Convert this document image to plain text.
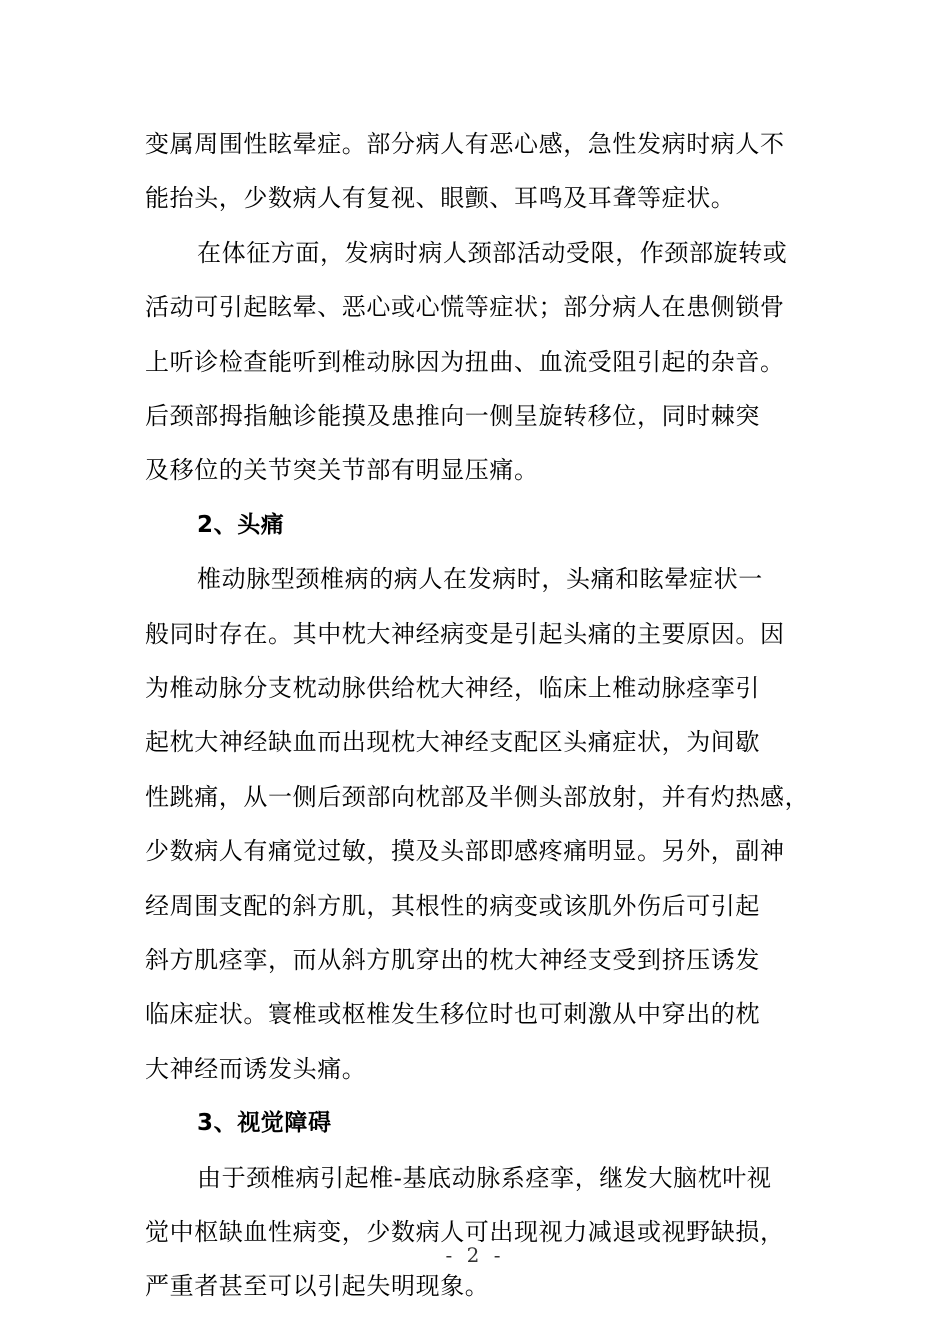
变属周围性眩晕症。部分病人有恶心感，急性发病时病人不
能抬头，少数病人有复视、眼颤、耳鸣及耳聋等症状。
在体征方面，发病时病人颈部活动受限，作颈部旋转或
活动可引起眩晕、恶心或心慌等症状；部分病人在患侧锁骨
上听诊检查能听到椎动脉因为扭曲、血流受阻引起的杂音。
后颈部拇指触诊能摸及患推向一侧呈旋转移位，同时棘突
及移位的关节突关节部有明显压痛。
2、头痛
椎动脉型颈椎病的病人在发病时，头痛和眩晕症状一
般同时存在。其中枕大神经病变是引起头痛的主要原因。因
为椎动脉分支枕动脉供给枕大神经，临床上椎动脉痉挛引
起枕大神经缺血而出现枕大神经支配区头痛症状，为间歇
性跳痛，从一侧后颈部向枕部及半侧头部放射，并有灼热感，
少数病人有痛觉过敏，摸及头部即感疼痛明显。另外，副神
经周围支配的斜方肌，其根性的病变或该肌外伤后可引起
斜方肌痉挛，而从斜方肌穿出的枕大神经支受到挤压诱发
临床症状。寰椎或枢椎发生移位时也可刺激从中穿出的枕
大神经而诱发头痛。
3、视觉障碍
由于颈椎病引起椎-基底动脉系痉挛，继发大脑枕叶视
觉中枢缺血性病变，少数病人可出现视力减退或视野缺损，
严重者甚至可以引起失明现象。
- 2 -
